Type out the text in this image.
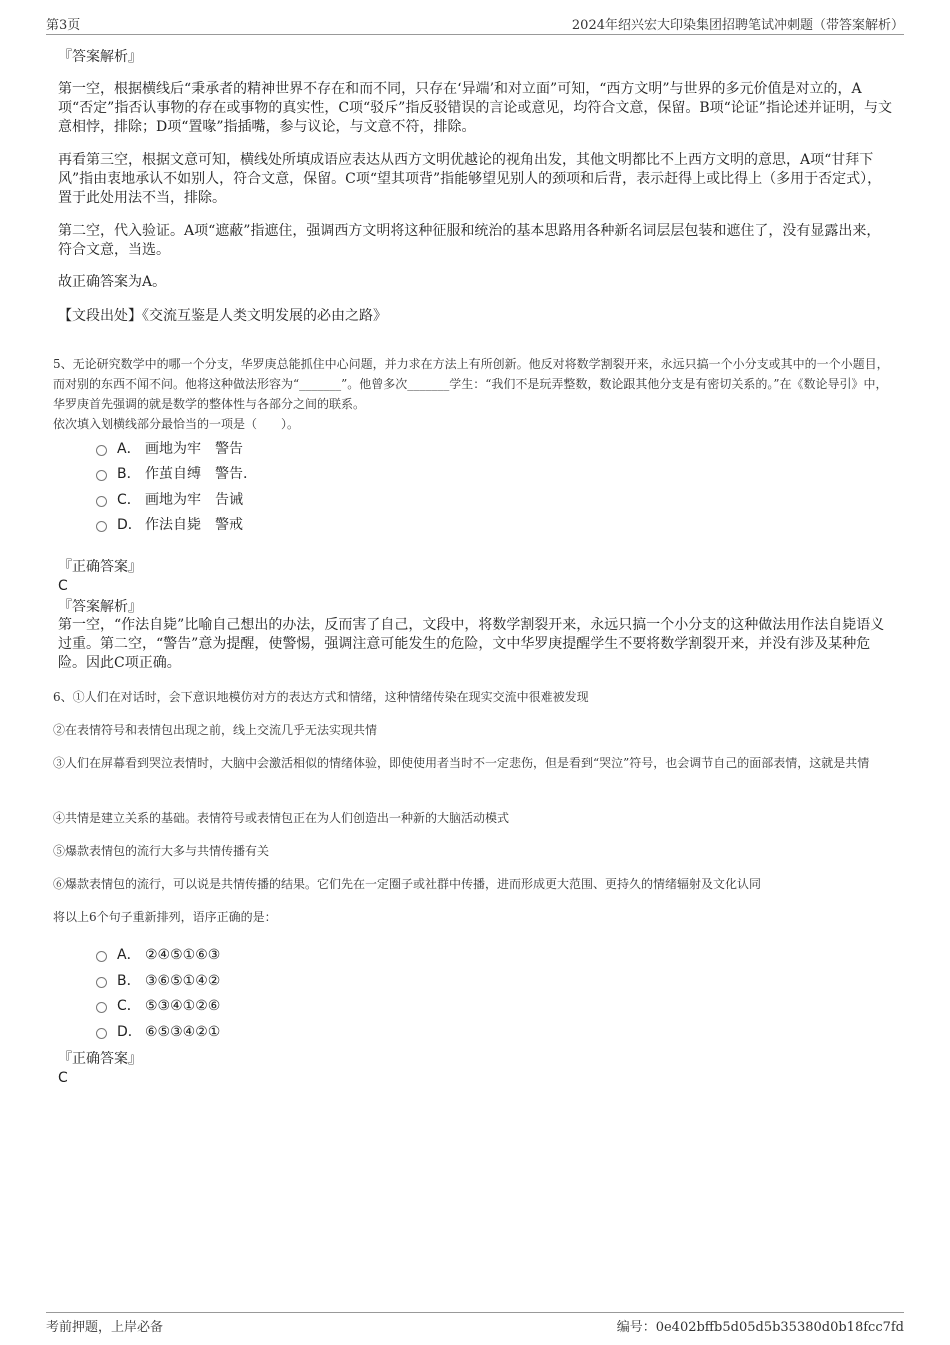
第3页	2024年绍兴宏大印染集团招聘笔试冲刺题（带答案解析）
『答案解析』
第一空，根据横线后“秉承者的精神世界不存在和而不同，只存在‘异端’和对立面”可知，“西方文明”与世界的多元价值是对立的，A项“否定”指否认事物的存在或事物的真实性，C项“驳斥”指反驳错误的言论或意见，均符合文意，保留。B项“论证”指论述并证明，与文意相悖，排除；D项“置喙”指插嘴，参与议论，与文意不符，排除。
再看第三空，根据文意可知，横线处所填成语应表达从西方文明优越论的视角出发，其他文明都比不上西方文明的意思，A项“甘拜下风”指由衷地承认不如别人，符合文意，保留。C项“望其项背”指能够望见别人的颈项和后背，表示赶得上或比得上（多用于否定式），置于此处用法不当，排除。
第二空，代入验证。A项“遮蔽”指遮住，强调西方文明将这种征服和统治的基本思路用各种新名词层层包装和遮住了，没有显露出来，符合文意，当选。
故正确答案为A。
【文段出处】《交流互鉴是人类文明发展的必由之路》
5、无论研究数学中的哪一个分支，华罗庚总能抓住中心问题，并力求在方法上有所创新。他反对将数学割裂开来，永远只搞一个小分支或其中的一个小题目，而对别的东西不闻不问。他将这种做法形容为“_______”。他曾多次_______学生：“我们不是玩弄整数，数论跟其他分支是有密切关系的。”在《数论导引》中，华罗庚首先强调的就是数学的整体性与各部分之间的联系。
依次填入划横线部分最恰当的一项是（　　）。
A． 画地为牢　警告
B． 作茧自缚　警告.
C． 画地为牢　告诫
D． 作法自毙　警戒
『正确答案』
C
『答案解析』
第一空，“作法自毙”比喻自己想出的办法，反而害了自己，文段中，将数学割裂开来，永远只搞一个小分支的这种做法用作法自毙语义过重。第二空，“警告”意为提醒，使警惕，强调注意可能发生的危险，文中华罗庚提醒学生不要将数学割裂开来，并没有涉及某种危险。因此C项正确。
6、①人们在对话时，会下意识地模仿对方的表达方式和情绪，这种情绪传染在现实交流中很难被发现
②在表情符号和表情包出现之前，线上交流几乎无法实现共情
③人们在屏幕看到哭泣表情时，大脑中会激活相似的情绪体验，即使使用者当时不一定悲伤，但是看到“哭泣”符号，也会调节自己的面部表情，这就是共情
④共情是建立关系的基础。表情符号或表情包正在为人们创造出一种新的大脑活动模式
⑤爆款表情包的流行大多与共情传播有关
⑥爆款表情包的流行，可以说是共情传播的结果。它们先在一定圈子或社群中传播，进而形成更大范围、更持久的情绪辐射及文化认同
将以上6个句子重新排列，语序正确的是：
A． ②④⑤①⑥③
B． ③⑥⑤①④②
C． ⑤③④①②⑥
D． ⑥⑤③④②①
『正确答案』
C
考前押题，上岸必备	编号：0e402bffb5d05d5b35380d0b18fcc7fd
